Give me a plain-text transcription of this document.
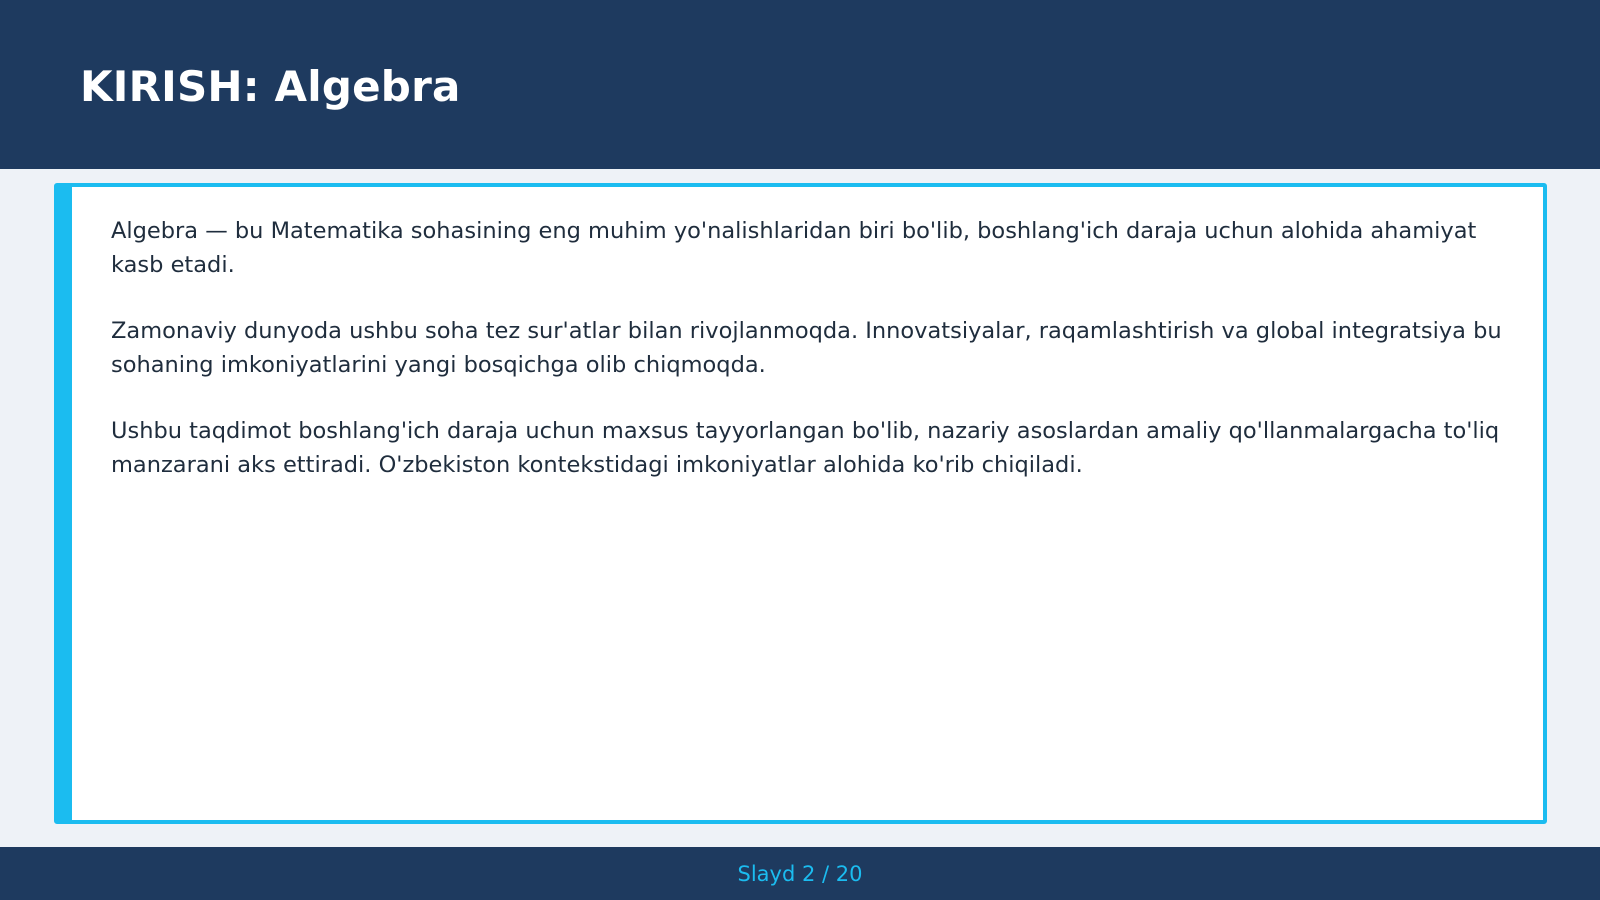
KIRISH: Algebra

Algebra — bu Matematika sohasining eng muhim yo'nalishlaridan biri bo'lib, boshlang'ich daraja uchun alohida ahamiyat kasb etadi.

Zamonaviy dunyoda ushbu soha tez sur'atlar bilan rivojlanmoqda. Innovatsiyalar, raqamlashtirish va global integratsiya bu sohaning imkoniyatlarini yangi bosqichga olib chiqmoqda.

Ushbu taqdimot boshlang'ich daraja uchun maxsus tayyorlangan bo'lib, nazariy asoslardan amaliy qo'llanmalargacha to'liq manzarani aks ettiradi. O'zbekiston kontekstidagi imkoniyatlar alohida ko'rib chiqiladi.

Slayd 2 / 20
